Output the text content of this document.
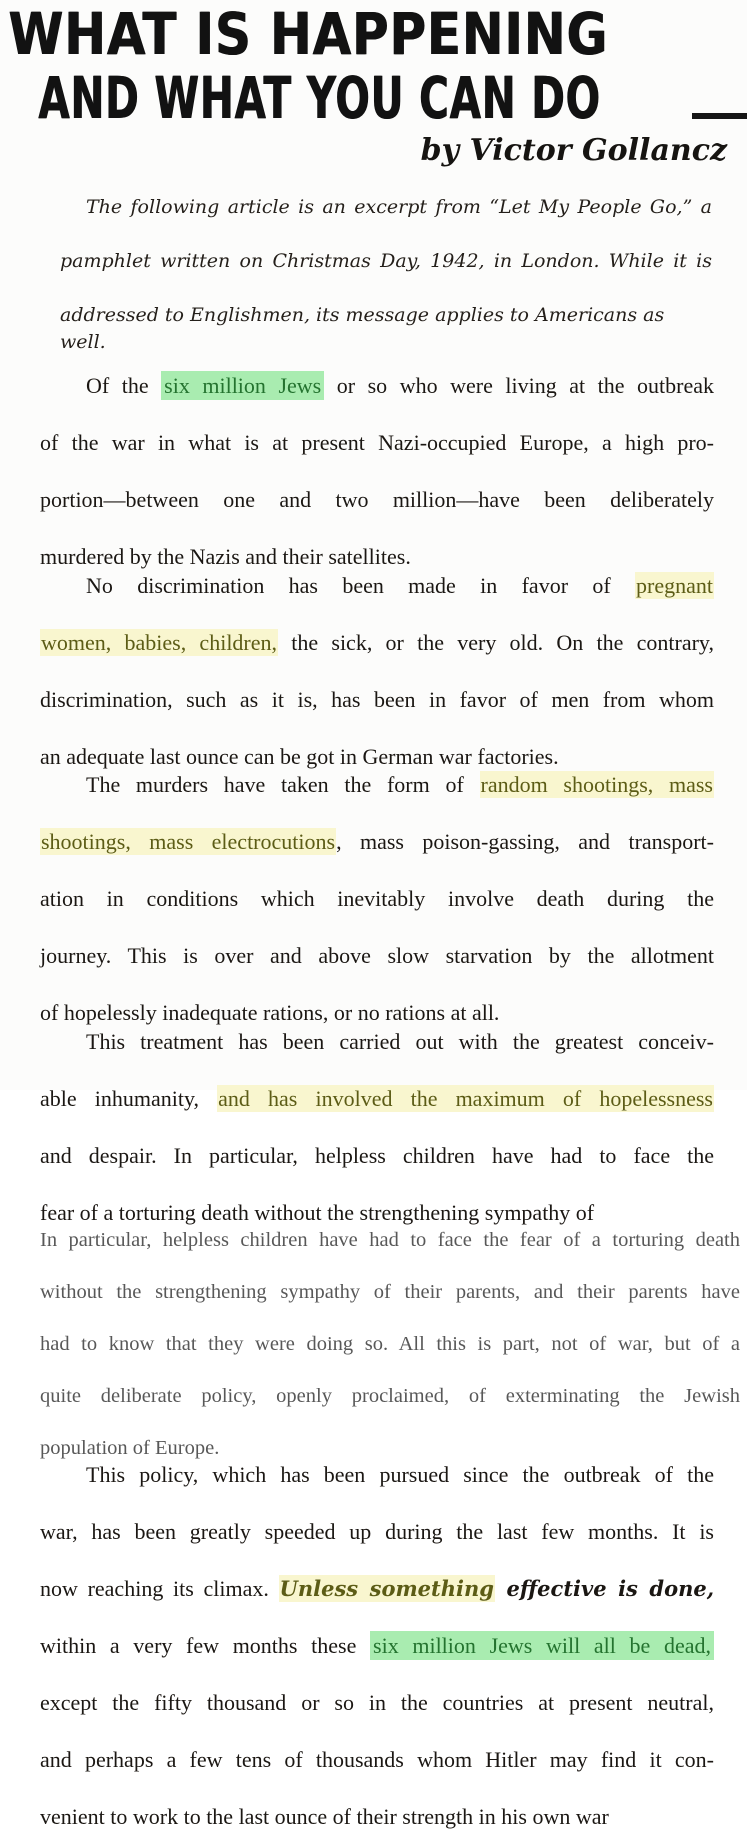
WHAT IS HAPPENING
AND WHAT YOU CAN DO
by Victor Gollancz
The following article is an excerpt from “Let My People Go,” a
pamphlet written on Christmas Day, 1942, in London. While it is
addressed to Englishmen, its message applies to Americans as well.
Of the six million Jews or so who were living at the outbreak
of the war in what is at present Nazi-occupied Europe, a high pro-
portion—between one and two million—have been deliberately
murdered by the Nazis and their satellites.
No discrimination has been made in favor of pregnant
women, babies, children, the sick, or the very old. On the contrary,
discrimination, such as it is, has been in favor of men from whom
an adequate last ounce can be got in German war factories.
The murders have taken the form of random shootings, mass
shootings, mass electrocutions, mass poison-gassing, and transport-
ation in conditions which inevitably involve death during the
journey. This is over and above slow starvation by the allotment
of hopelessly inadequate rations, or no rations at all.
This treatment has been carried out with the greatest conceiv-
able inhumanity, and has involved the maximum of hopelessness
and despair. In particular, helpless children have had to face the
fear of a torturing death without the strengthening sympathy of
In particular, helpless children have had to face the fear of a torturing death
without the strengthening sympathy of their parents, and their parents have
had to know that they were doing so. All this is part, not of war, but of a
quite deliberate policy, openly proclaimed, of exterminating the Jewish
population of Europe.
This policy, which has been pursued since the outbreak of the
war, has been greatly speeded up during the last few months. It is
now reaching its climax. Unless something effective is done,
within a very few months these six million Jews will all be dead,
except the fifty thousand or so in the countries at present neutral,
and perhaps a few tens of thousands whom Hitler may find it con-
venient to work to the last ounce of their strength in his own war
